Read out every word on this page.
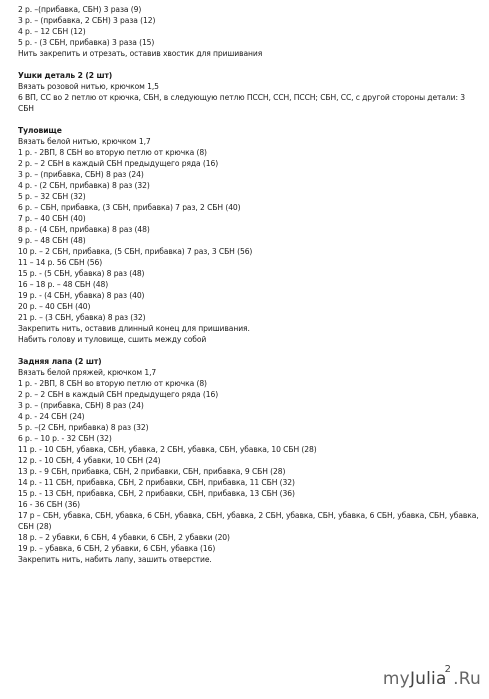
2 р. –(прибавка, СБН) 3 раза (9)
3 р. – (прибавка, 2 СБН) 3 раза (12)
4 р. – 12 СБН (12)
5 р. - (3 СБН, прибавка) 3 раза (15)
Нить закрепить и отрезать, оставив хвостик для пришивания
Ушки деталь 2 (2 шт)
Вязать розовой нитью, крючком 1,5
6 ВП, СС во 2 петлю от крючка, СБН, в следующую петлю ПССН, ССН, ПССН; СБН, СС, с другой стороны детали: 3 СБН
Туловище
Вязать белой нитью, крючком 1,7
1 р. - 2ВП, 8 СБН во вторую петлю от крючка (8)
2 р. – 2 СБН в каждый СБН предыдущего ряда (16)
3 р. – (прибавка, СБН) 8 раз (24)
4 р. - (2 СБН, прибавка) 8 раз (32)
5 р. – 32 СБН (32)
6 р. – СБН, прибавка, (3 СБН, прибавка) 7 раз, 2 СБН (40)
7 р. – 40 СБН (40)
8 р. - (4 СБН, прибавка) 8 раз (48)
9 р. – 48 СБН (48)
10 р. – 2 СБН, прибавка, (5 СБН, прибавка) 7 раз, 3 СБН (56)
11 – 14 р. 56 СБН (56)
15 р. - (5 СБН, убавка) 8 раз (48)
16 – 18 р. – 48 СБН (48)
19 р. - (4 СБН, убавка) 8 раз (40)
20 р. – 40 СБН (40)
21 р. – (3 СБН, убавка) 8 раз (32)
Закрепить нить, оставив длинный конец для пришивания.
Набить голову и туловище, сшить между собой
Задняя лапа (2 шт)
Вязать белой пряжей, крючком 1,7
1 р. - 2ВП, 8 СБН во вторую петлю от крючка (8)
2 р. – 2 СБН в каждый СБН предыдущего ряда (16)
3 р. – (прибавка, СБН) 8 раз (24)
4 р. - 24 СБН (24)
5 р. –(2 СБН, прибавка) 8 раз (32)
6 р. – 10 р. - 32 СБН (32)
11 р. - 10 СБН, убавка, СБН, убавка, 2 СБН, убавка, СБН, убавка, 10 СБН (28)
12 р. - 10 СБН, 4 убавки, 10 СБН (24)
13 р. - 9 СБН, прибавка, СБН, 2 прибавки, СБН, прибавка, 9 СБН (28)
14 р. - 11 СБН, прибавка, СБН, 2 прибавки, СБН, прибавка, 11 СБН (32)
15 р. - 13 СБН, прибавка, СБН, 2 прибавки, СБН, прибавка, 13 СБН (36)
16 - 36 СБН (36)
17 р – СБН, убавка, СБН, убавка, 6 СБН, убавка, СБН, убавка, 2 СБН, убавка, СБН, убавка, 6 СБН, убавка, СБН, убавка, СБН (28)
18 р. – 2 убавки, 6 СБН, 4 убавки, 6 СБН, 2 убавки (20)
19 р. – убавка, 6 СБН, 2 убавки, 6 СБН, убавка (16)
Закрепить нить, набить лапу, зашить отверстие.
myJulia$^2$ .Ru
